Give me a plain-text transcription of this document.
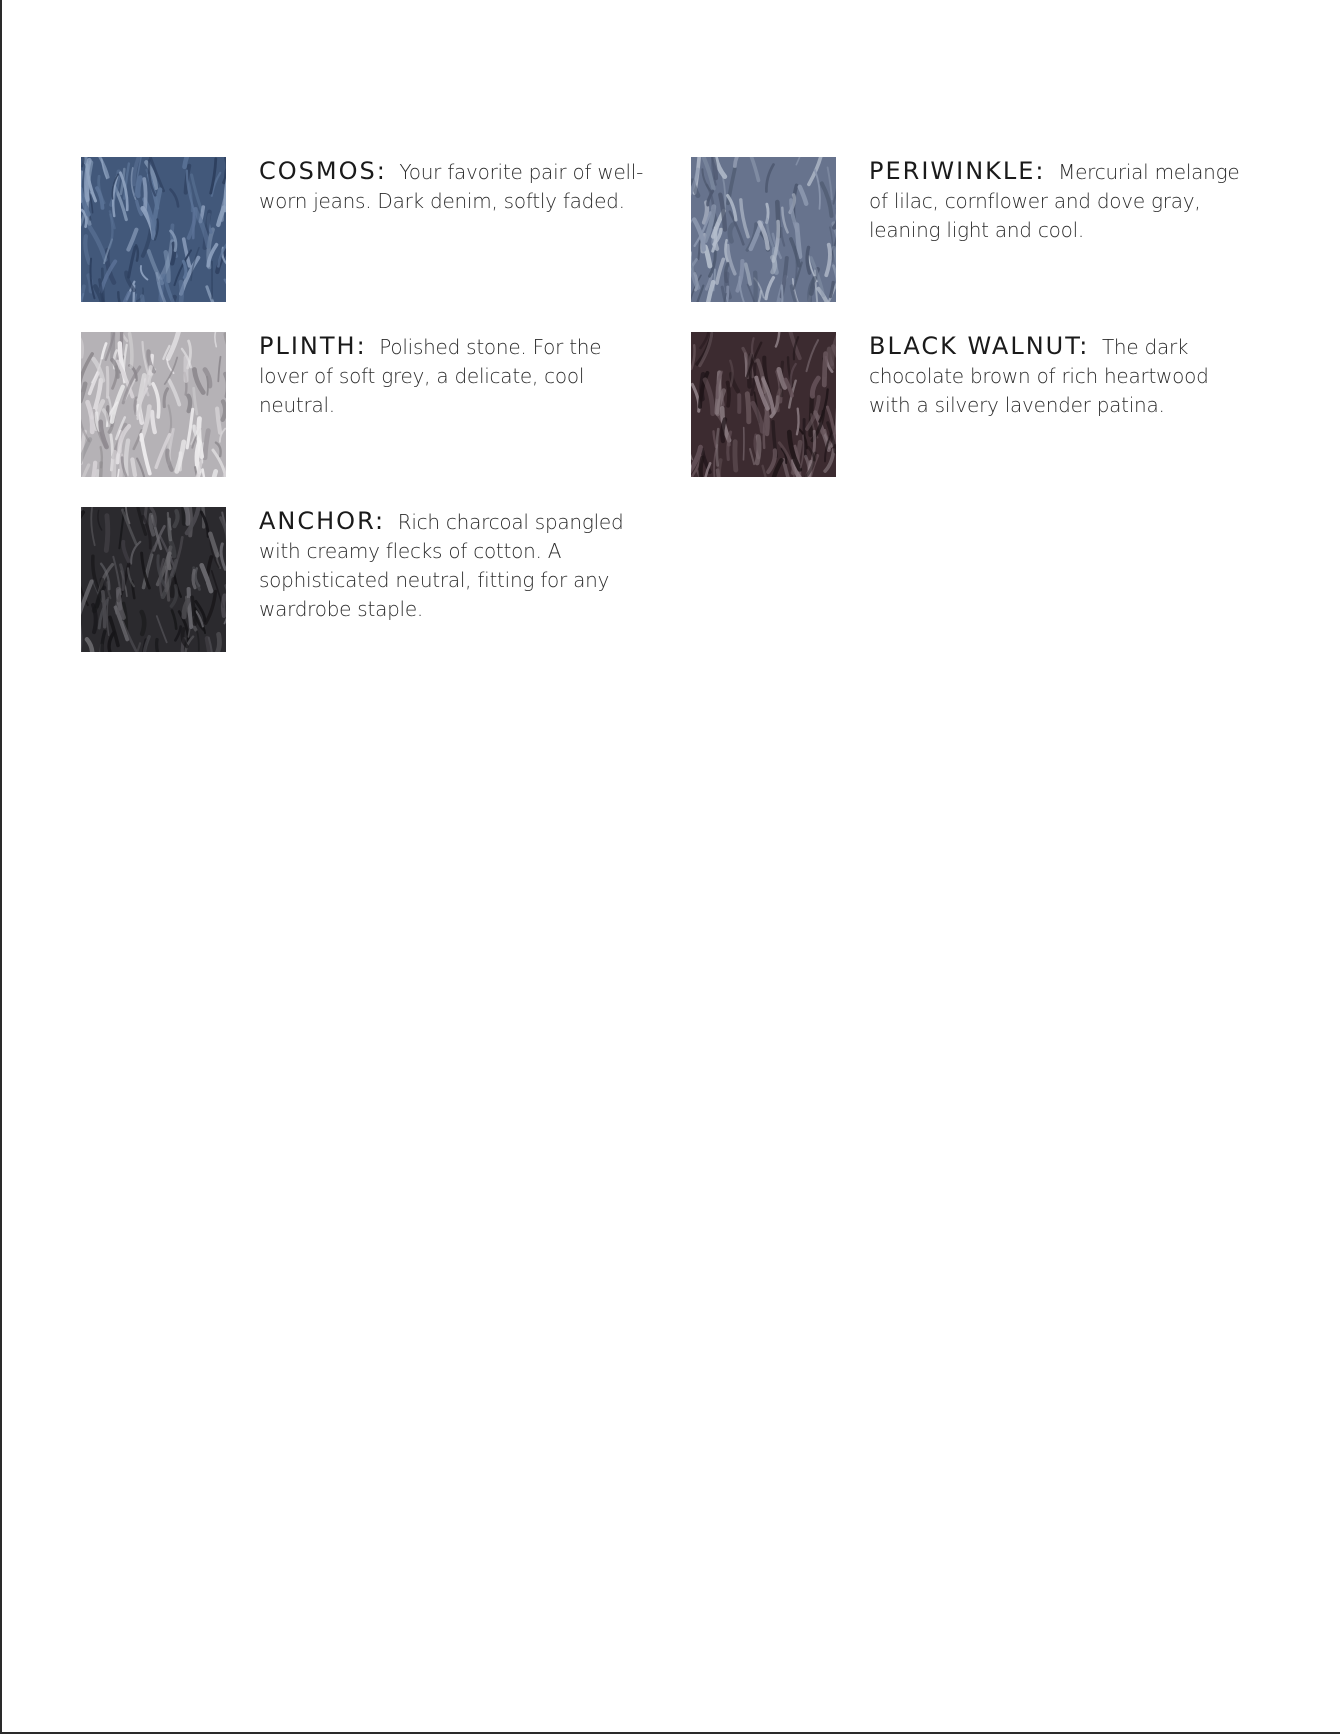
COSMOS: Your favorite pair of well-worn jeans. Dark denim, softly faded.
PERIWINKLE: Mercurial melange of lilac, cornflower and dove gray, leaning light and cool.
PLINTH: Polished stone. For the lover of soft grey, a delicate, cool neutral.
BLACK WALNUT: The dark chocolate brown of rich heartwood with a silvery lavender patina.
ANCHOR: Rich charcoal spangled with creamy flecks of cotton. A sophisticated neutral, fitting for any wardrobe staple.
